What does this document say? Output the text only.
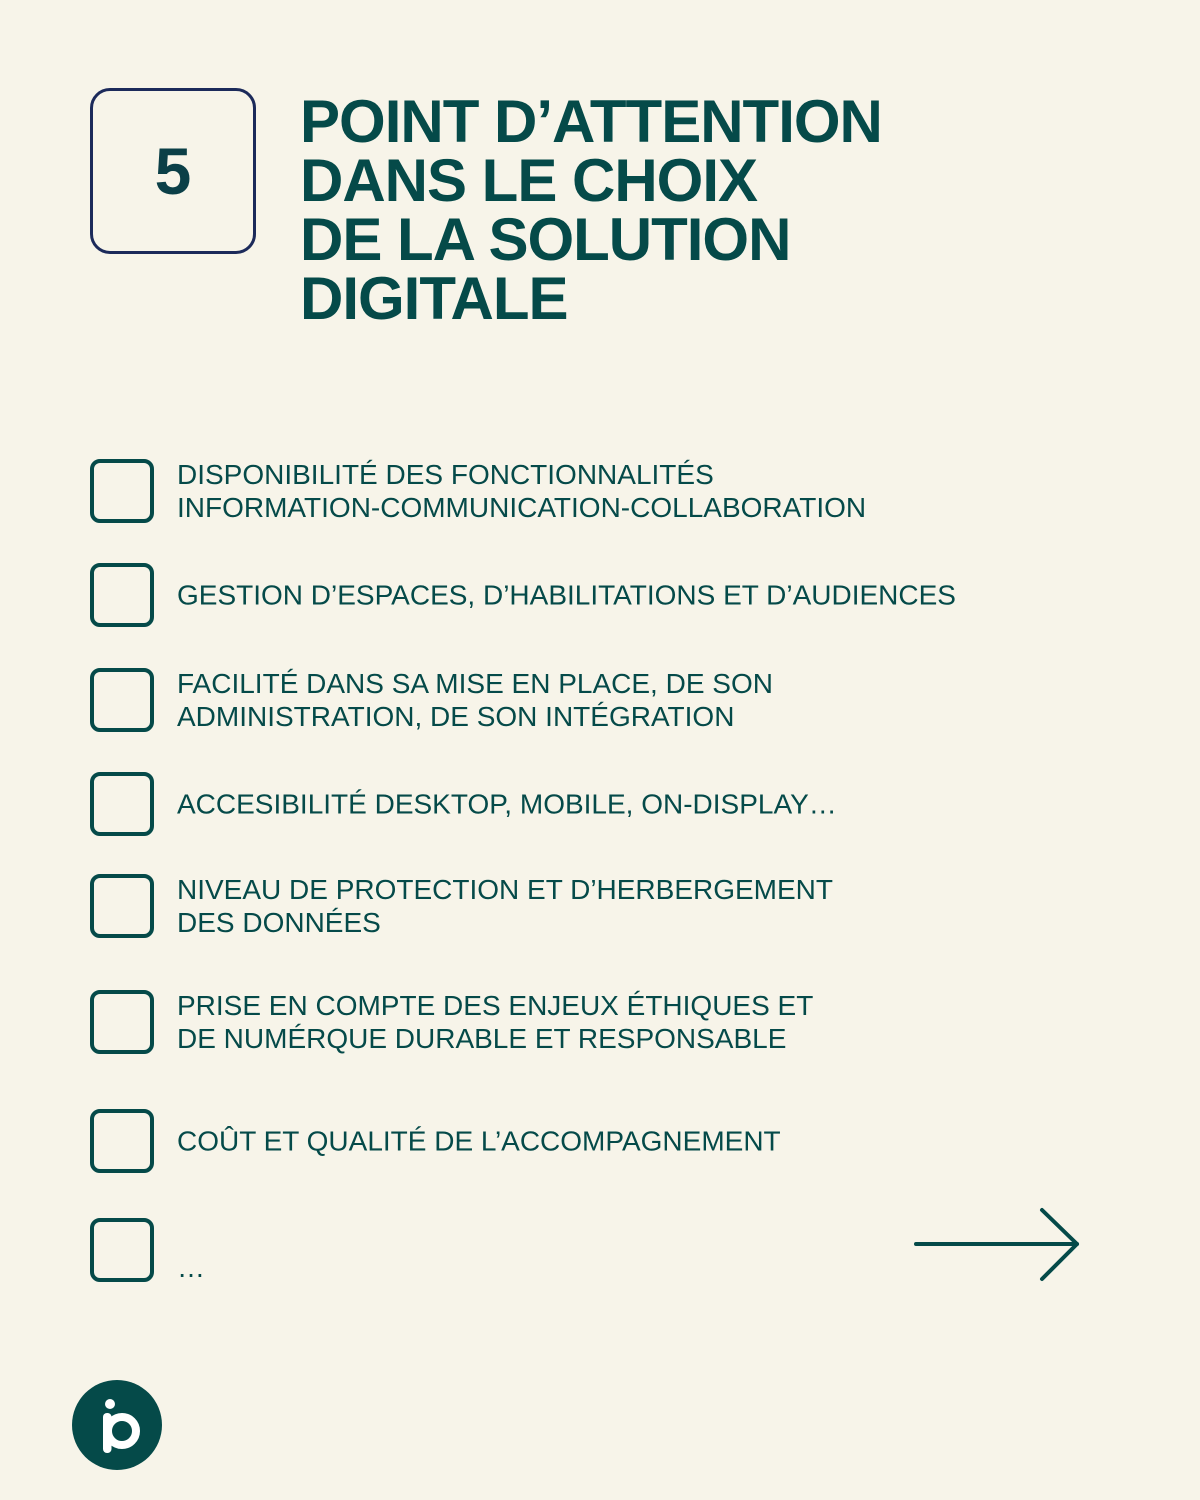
5
POINT D’ATTENTION
DANS LE CHOIX
DE LA SOLUTION
DIGITALE
DISPONIBILITÉ DES FONCTIONNALITÉS
INFORMATION-COMMUNICATION-COLLABORATION
GESTION D’ESPACES, D’HABILITATIONS ET D’AUDIENCES
FACILITÉ DANS SA MISE EN PLACE, DE SON
ADMINISTRATION, DE SON INTÉGRATION
ACCESIBILITÉ DESKTOP, MOBILE, ON-DISPLAY…
NIVEAU DE PROTECTION ET D’HERBERGEMENT
DES DONNÉES
PRISE EN COMPTE DES ENJEUX ÉTHIQUES ET
DE NUMÉRQUE DURABLE ET RESPONSABLE
COÛT ET QUALITÉ DE L’ACCOMPAGNEMENT
…
